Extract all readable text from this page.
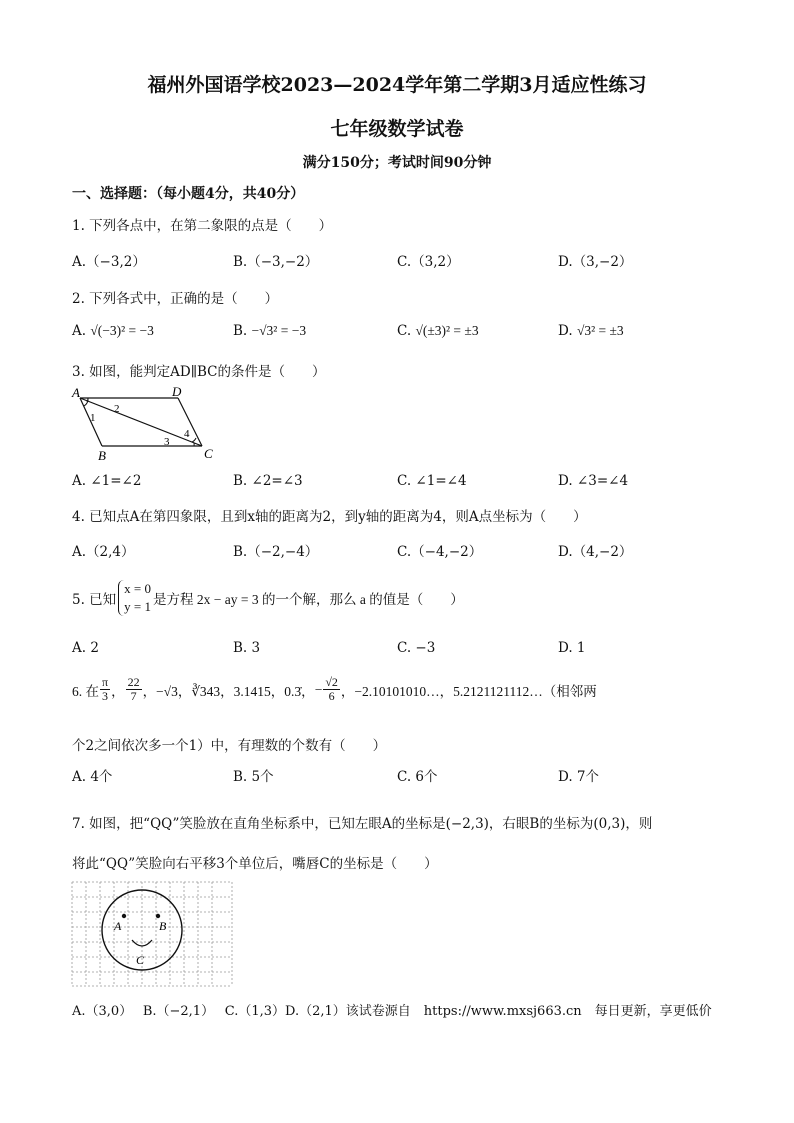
福州外国语学校2023—2024学年第二学期3月适应性练习
七年级数学试卷
满分150分；考试时间90分钟
一、选择题：（每小题4分，共40分）
1. 下列各点中，在第二象限的点是（　　）
A.（−3,2）	B.（−3,−2）	C.（3,2）	D.（3,−2）
2. 下列各式中，正确的是（　　）
A. √(−3)² = −3	B. −√3² = −3	C. √(±3)² = ±3	D. √3² = ±3
3. 如图，能判定AD∥BC的条件是（　　）
A	D
B	C
1
2
3
4
A. ∠1=∠2	B. ∠2=∠3	C. ∠1=∠4	D. ∠3=∠4
4. 已知点A在第四象限，且到x轴的距离为2，到y轴的距离为4，则A点坐标为（　　）
A.（2,4）	B.（−2,−4）	C.（−4,−2）	D.（4,−2）
5. 已知
x = 0
y = 1 是方程 2x − ay = 3 的一个解，那么 a 的值是（　　）
A. 2	B. 3	C. −3	D. 1
6. 在 $\frac{\pi}{3}$ ， $\frac{22}{7}$ ，−√3，∛343，3.1415，0.3̇， − $\frac{√2}{6}$ ，−2.10101010…，5.2121121112…（相邻两
个2之间依次多一个1）中，有理数的个数有（　　）
A. 4个	B. 5个	C. 6个	D. 7个
7. 如图，把“QQ”笑脸放在直角坐标系中，已知左眼A的坐标是(−2,3)，右眼B的坐标为(0,3)，则
将此“QQ”笑脸向右平移3个单位后，嘴唇C的坐标是（　　）
A	B
C
A.（3,0）　 B.（−2,1）　 C.（1,3）D.（2,1）该试卷源自　https://www.mxsj663.cn　每日更新，享更低价
